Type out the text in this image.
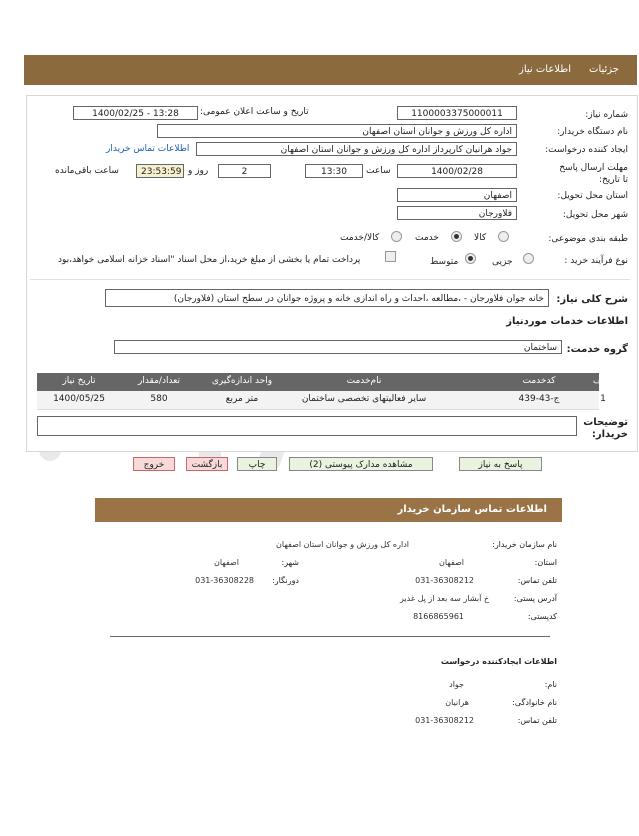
جزئیات
اطلاعات نیاز
شماره نیاز:
1100003375000011
تاریخ و ساعت اعلان عمومی:
1400/02/25 - 13:28
نام دستگاه خریدار:
اداره کل ورزش و جوانان استان اصفهان
ایجاد کننده درخواست:
جواد هرانیان کارپرداز اداره کل ورزش و جوانان استان اصفهان
اطلاعات تماس خریدار
مهلت ارسال پاسخ تا تاریخ:
1400/02/28
ساعت
13:30
2
روز و
23:53:59
ساعت باقی‌مانده
استان محل تحویل:
اصفهان
شهر محل تحویل:
فلاورجان
طبقه بندی موضوعی:
کالا
خدمت
کالا/خدمت
نوع فرآیند خرید :
جزیی
متوسط
پرداخت تمام یا بخشی از مبلغ خرید،از محل اسناد "اسناد خزانه اسلامی خواهد،بود
شرح کلی نیاز:
خانه جوان فلاورجان - ،مطالعه ،احداث و راه اندازی خانه و پروژه جوانان در سطح استان (فلاورجان)
اطلاعات خدمات موردنیاز
گروه خدمت:
ساختمان
ردیف
کدخدمت
نام‌خدمت
واحد اندازه‌گیری
تعداد/مقدار
تاریخ نیاز
1
ج-43-439
سایر فعالیتهای تخصصی ساختمان
متر مربع
580
1400/05/25
توضیحات خریدار:
پاسخ به نیاز
مشاهده مدارک پیوستی (2)
چاپ
بازگشت
خروج
اطلاعات تماس سازمان خریدار
نام سازمان خریدار:
اداره کل ورزش و جوانان استان اصفهان
استان:
اصفهان
شهر:
اصفهان
تلفن تماس:
031-36308212
دورنگار:
031-36308228
آدرس پستی:
خ آبشار سه بعد از پل غدیر
کدپستی:
8166865961
اطلاعات ایجادکننده درخواست
نام:
جواد
نام خانوادگی:
هرانیان
تلفن تماس:
031-36308212
